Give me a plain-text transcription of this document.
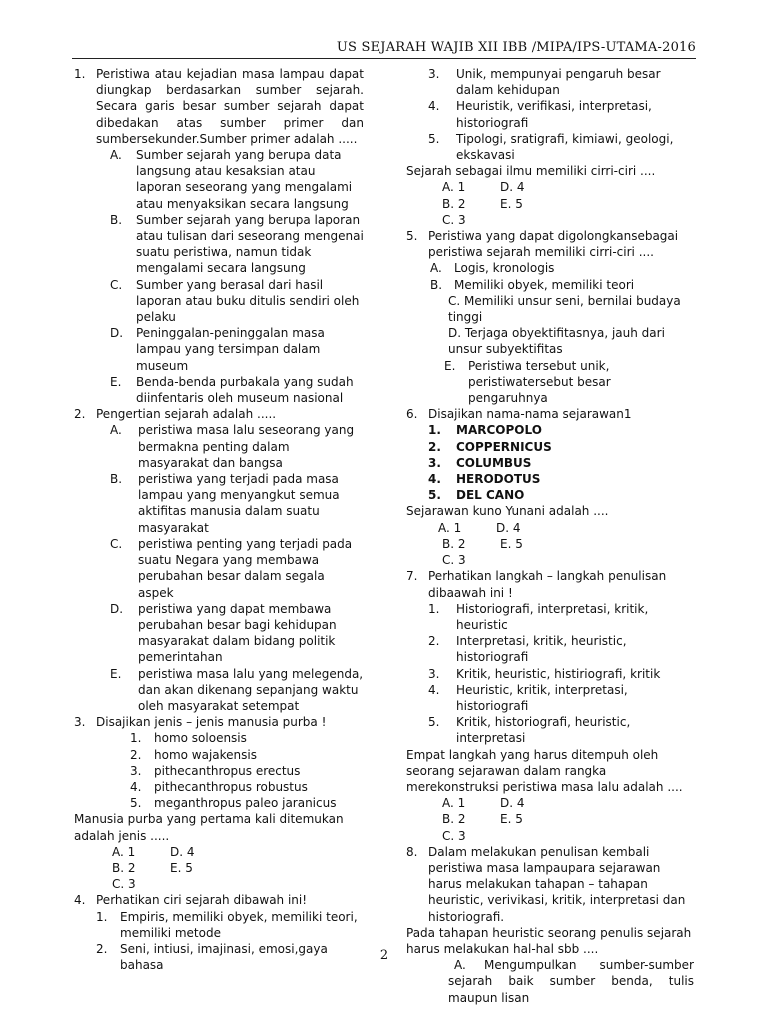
US SEJARAH WAJIB XII IBB /MIPA/IPS-UTAMA-2016
1. Peristiwa atau kejadian masa lampau dapat diungkap berdasarkan sumber sejarah. Secara garis besar sumber sejarah dapat dibedakan atas sumber primer dan sumbersekunder.Sumber primer adalah .....
A. Sumber sejarah yang berupa data langsung atau kesaksian atau laporan seseorang yang mengalami atau menyaksikan secara langsung
B. Sumber sejarah yang berupa laporan atau tulisan dari seseorang mengenai suatu peristiwa, namun tidak mengalami secara langsung
C. Sumber yang berasal dari hasil laporan atau buku ditulis sendiri oleh pelaku
D. Peninggalan-peninggalan masa lampau yang tersimpan dalam museum
E. Benda-benda purbakala yang sudah diinfentaris oleh museum nasional
2. Pengertian sejarah adalah .....
A. peristiwa masa lalu seseorang yang bermakna penting dalam masyarakat dan bangsa
B. peristiwa yang terjadi pada masa lampau yang menyangkut semua aktifitas manusia dalam suatu masyarakat
C. peristiwa penting yang terjadi pada suatu Negara yang membawa perubahan besar dalam segala aspek
D. peristiwa yang dapat membawa perubahan besar bagi kehidupan masyarakat dalam bidang politik pemerintahan
E. peristiwa masa lalu yang melegenda, dan akan dikenang sepanjang waktu oleh masyarakat setempat
3. Disajikan jenis – jenis manusia purba !
1. homo soloensis
2. homo wajakensis
3. pithecanthropus erectus
4. pithecanthropus robustus
5. meganthropus paleo jaranicus
Manusia purba yang pertama kali ditemukan adalah jenis .....
A. 1	D. 4
B. 2	E. 5
C. 3
4. Perhatikan ciri sejarah dibawah ini!
1. Empiris, memiliki obyek, memiliki teori, memiliki metode
2. Seni, intiusi, imajinasi, emosi,gaya bahasa
3. Unik, mempunyai pengaruh besar dalam kehidupan
4. Heuristik, verifikasi, interpretasi, historiografi
5. Tipologi, sratigrafi, kimiawi, geologi, ekskavasi
Sejarah sebagai ilmu memiliki cirri-ciri ....
A. 1	D. 4
B. 2	E. 5
C. 3
5. Peristiwa yang dapat digolongkansebagai peristiwa sejarah memiliki cirri-ciri ....
A. Logis, kronologis
B. Memiliki obyek, memiliki teori
C. Memiliki unsur seni, bernilai budaya tinggi
D. Terjaga obyektifitasnya, jauh dari unsur subyektifitas
E. Peristiwa tersebut unik, peristiwatersebut besar pengaruhnya
6. Disajikan nama-nama sejarawan1
1. MARCOPOLO
2. COPPERNICUS
3. COLUMBUS
4. HERODOTUS
5. DEL CANO
Sejarawan kuno Yunani adalah ....
A. 1	D. 4
B. 2	E. 5
C. 3
7. Perhatikan langkah – langkah penulisan dibaawah ini !
1. Historiografi, interpretasi, kritik, heuristic
2. Interpretasi, kritik, heuristic, historiografi
3. Kritik, heuristic, histiriografi, kritik
4. Heuristic, kritik, interpretasi, historiografi
5. Kritik, historiografi, heuristic, interpretasi
Empat langkah yang harus ditempuh oleh seorang sejarawan dalam rangka merekonstruksi peristiwa masa lalu adalah ....
A. 1	D. 4
B. 2	E. 5
C. 3
8. Dalam melakukan penulisan kembali peristiwa masa lampaupara sejarawan harus melakukan tahapan – tahapan heuristic, verivikasi, kritik, interpretasi dan historiografi.
Pada tahapan heuristic seorang penulis sejarah harus melakukan hal-hal sbb ....
A. Mengumpulkan sumber-sumber sejarah baik sumber benda, tulis maupun lisan
2
